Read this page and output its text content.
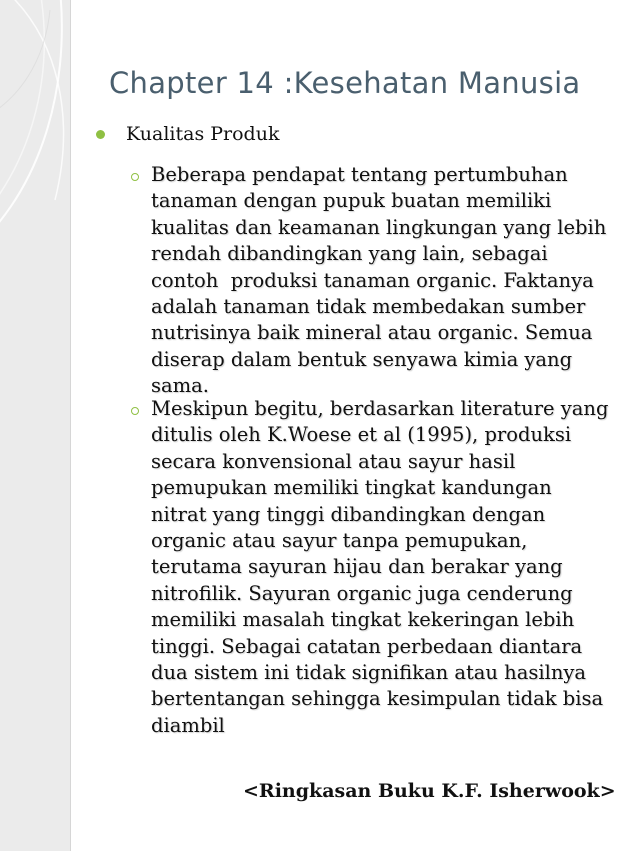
Chapter 14 :Kesehatan Manusia
Kualitas Produk
Beberapa pendapat tentang pertumbuhan
tanaman dengan pupuk buatan memiliki
kualitas dan keamanan lingkungan yang lebih
rendah dibandingkan yang lain, sebagai
contoh  produksi tanaman organic. Faktanya
adalah tanaman tidak membedakan sumber
nutrisinya baik mineral atau organic. Semua
diserap dalam bentuk senyawa kimia yang
sama.
Meskipun begitu, berdasarkan literature yang
ditulis oleh K.Woese et al (1995), produksi
secara konvensional atau sayur hasil
pemupukan memiliki tingkat kandungan
nitrat yang tinggi dibandingkan dengan
organic atau sayur tanpa pemupukan,
terutama sayuran hijau dan berakar yang
nitrofilik. Sayuran organic juga cenderung
memiliki masalah tingkat kekeringan lebih
tinggi. Sebagai catatan perbedaan diantara
dua sistem ini tidak signifikan atau hasilnya
bertentangan sehingga kesimpulan tidak bisa
diambil
<Ringkasan Buku K.F. Isherwook>
